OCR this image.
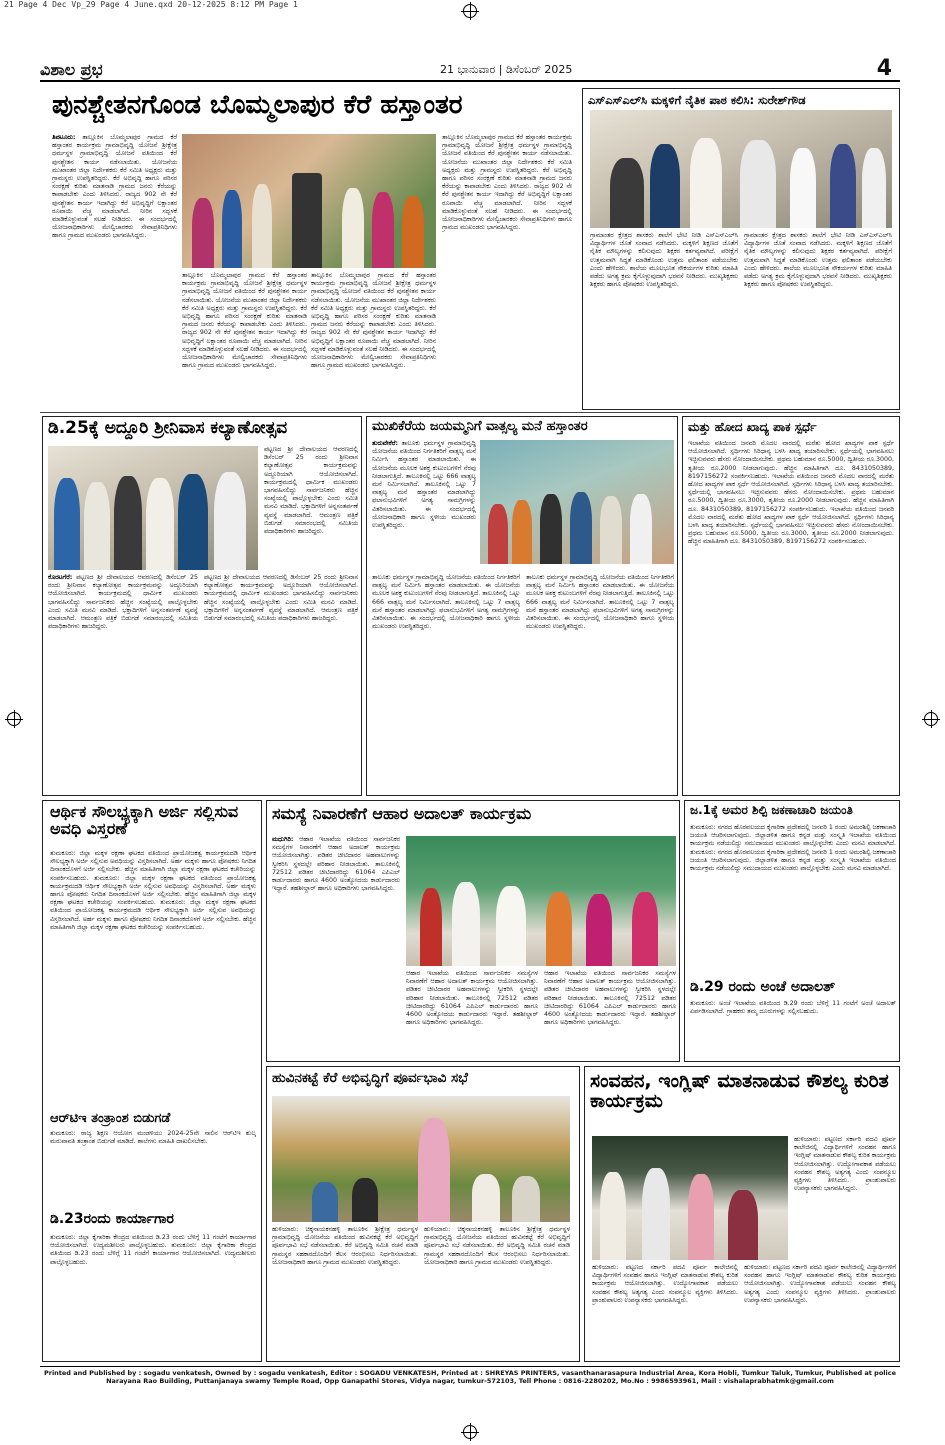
21 Page 4 Dec Vp_29 Page 4 June.qxd 20-12-2025 8:12 PM Page 1
ವಿಶಾಲ ಪ್ರಭ	21 ಭಾನುವಾರ | ಡಿಸೆಂಬರ್ 2025	4
ಪುನಶ್ಚೇತನಗೊಂಡ ಬೊಮ್ಮಲಾಪುರ ಕೆರೆ ಹಸ್ತಾಂತರ
ತಿಪಟೂರು: ತಾಲ್ಲೂಕಿನ ಬೊಮ್ಮಲಾಪುರ ಗ್ರಾಮದ ಕೆರೆ ಹಸ್ತಾಂತರ ಕಾರ್ಯಕ್ರಮ ಗ್ರಾಮಾಭಿವೃದ್ಧಿ ಯೋಜನೆ ಶ್ರೀಕ್ಷೇತ್ರ ಧರ್ಮಸ್ಥಳ ಗ್ರಾಮಾಭಿವೃದ್ಧಿ ಯೋಜನೆ ವತಿಯಿಂದ ಕೆರೆ ಪುನಶ್ಚೇತನ ಕಾರ್ಯ ನಡೆಸಲಾಯಿತು. ಯೋಜನೆಯ ಮುಖಾಂತರ ಜಿಲ್ಲಾ ನಿರ್ದೇಶಕರು ಕೆರೆ ಸಮಿತಿ ಅಧ್ಯಕ್ಷರು ಮತ್ತು ಗ್ರಾಮಸ್ಥರು ಉಪಸ್ಥಿತರಿದ್ದರು. ಕೆರೆ ಅಭಿವೃದ್ಧಿ ಹಾಗೂ ಪರಿಸರ ಸಂರಕ್ಷಣೆ ಕುರಿತು ಮಾತನಾಡಿ ಗ್ರಾಮದ ಜನರು ಕೆರೆಯನ್ನು ಕಾಪಾಡಬೇಕು ಎಂದು ತಿಳಿಸಿದರು. ರಾಜ್ಯದ 902 ನೇ ಕೆರೆ ಪುನಶ್ಚೇತನ ಕಾರ್ಯ ಇದಾಗಿದ್ದು ಕೆರೆ ಅಭಿವೃದ್ಧಿಗೆ ಲಕ್ಷಾಂತರ ರೂಪಾಯಿ ವೆಚ್ಚ ಮಾಡಲಾಗಿದೆ. ನೀರಿನ ಸದ್ಬಳಕೆ ಮಾಡಿಕೊಳ್ಳುವಂತೆ ಸಲಹೆ ನೀಡಿದರು. ಈ ಸಂದರ್ಭದಲ್ಲಿ ಯೋಜನಾಧಿಕಾರಿಗಳು ಮೇಲ್ವಿಚಾರಕರು ಸೇವಾಪ್ರತಿನಿಧಿಗಳು ಹಾಗೂ ಗ್ರಾಮದ ಮುಖಂಡರು ಭಾಗವಹಿಸಿದ್ದರು.
ತಾಲ್ಲೂಕಿನ ಬೊಮ್ಮಲಾಪುರ ಗ್ರಾಮದ ಕೆರೆ ಹಸ್ತಾಂತರ ಕಾರ್ಯಕ್ರಮ ಗ್ರಾಮಾಭಿವೃದ್ಧಿ ಯೋಜನೆ ಶ್ರೀಕ್ಷೇತ್ರ ಧರ್ಮಸ್ಥಳ ಗ್ರಾಮಾಭಿವೃದ್ಧಿ ಯೋಜನೆ ವತಿಯಿಂದ ಕೆರೆ ಪುನಶ್ಚೇತನ ಕಾರ್ಯ ನಡೆಸಲಾಯಿತು. ಯೋಜನೆಯ ಮುಖಾಂತರ ಜಿಲ್ಲಾ ನಿರ್ದೇಶಕರು ಕೆರೆ ಸಮಿತಿ ಅಧ್ಯಕ್ಷರು ಮತ್ತು ಗ್ರಾಮಸ್ಥರು ಉಪಸ್ಥಿತರಿದ್ದರು. ಕೆರೆ ಅಭಿವೃದ್ಧಿ ಹಾಗೂ ಪರಿಸರ ಸಂರಕ್ಷಣೆ ಕುರಿತು ಮಾತನಾಡಿ ಗ್ರಾಮದ ಜನರು ಕೆರೆಯನ್ನು ಕಾಪಾಡಬೇಕು ಎಂದು ತಿಳಿಸಿದರು. ರಾಜ್ಯದ 902 ನೇ ಕೆರೆ ಪುನಶ್ಚೇತನ ಕಾರ್ಯ ಇದಾಗಿದ್ದು ಕೆರೆ ಅಭಿವೃದ್ಧಿಗೆ ಲಕ್ಷಾಂತರ ರೂಪಾಯಿ ವೆಚ್ಚ ಮಾಡಲಾಗಿದೆ. ನೀರಿನ ಸದ್ಬಳಕೆ ಮಾಡಿಕೊಳ್ಳುವಂತೆ ಸಲಹೆ ನೀಡಿದರು. ಈ ಸಂದರ್ಭದಲ್ಲಿ ಯೋಜನಾಧಿಕಾರಿಗಳು ಮೇಲ್ವಿಚಾರಕರು ಸೇವಾಪ್ರತಿನಿಧಿಗಳು ಹಾಗೂ ಗ್ರಾಮದ ಮುಖಂಡರು ಭಾಗವಹಿಸಿದ್ದರು.
ತಾಲ್ಲೂಕಿನ ಬೊಮ್ಮಲಾಪುರ ಗ್ರಾಮದ ಕೆರೆ ಹಸ್ತಾಂತರ ಕಾರ್ಯಕ್ರಮ ಗ್ರಾಮಾಭಿವೃದ್ಧಿ ಯೋಜನೆ ಶ್ರೀಕ್ಷೇತ್ರ ಧರ್ಮಸ್ಥಳ ಗ್ರಾಮಾಭಿವೃದ್ಧಿ ಯೋಜನೆ ವತಿಯಿಂದ ಕೆರೆ ಪುನಶ್ಚೇತನ ಕಾರ್ಯ ನಡೆಸಲಾಯಿತು. ಯೋಜನೆಯ ಮುಖಾಂತರ ಜಿಲ್ಲಾ ನಿರ್ದೇಶಕರು ಕೆರೆ ಸಮಿತಿ ಅಧ್ಯಕ್ಷರು ಮತ್ತು ಗ್ರಾಮಸ್ಥರು ಉಪಸ್ಥಿತರಿದ್ದರು. ಕೆರೆ ಅಭಿವೃದ್ಧಿ ಹಾಗೂ ಪರಿಸರ ಸಂರಕ್ಷಣೆ ಕುರಿತು ಮಾತನಾಡಿ ಗ್ರಾಮದ ಜನರು ಕೆರೆಯನ್ನು ಕಾಪಾಡಬೇಕು ಎಂದು ತಿಳಿಸಿದರು. ರಾಜ್ಯದ 902 ನೇ ಕೆರೆ ಪುನಶ್ಚೇತನ ಕಾರ್ಯ ಇದಾಗಿದ್ದು ಕೆರೆ ಅಭಿವೃದ್ಧಿಗೆ ಲಕ್ಷಾಂತರ ರೂಪಾಯಿ ವೆಚ್ಚ ಮಾಡಲಾಗಿದೆ. ನೀರಿನ ಸದ್ಬಳಕೆ ಮಾಡಿಕೊಳ್ಳುವಂತೆ ಸಲಹೆ ನೀಡಿದರು. ಈ ಸಂದರ್ಭದಲ್ಲಿ ಯೋಜನಾಧಿಕಾರಿಗಳು ಮೇಲ್ವಿಚಾರಕರು ಸೇವಾಪ್ರತಿನಿಧಿಗಳು ಹಾಗೂ ಗ್ರಾಮದ ಮುಖಂಡರು ಭಾಗವಹಿಸಿದ್ದರು.
ತಾಲ್ಲೂಕಿನ ಬೊಮ್ಮಲಾಪುರ ಗ್ರಾಮದ ಕೆರೆ ಹಸ್ತಾಂತರ ಕಾರ್ಯಕ್ರಮ ಗ್ರಾಮಾಭಿವೃದ್ಧಿ ಯೋಜನೆ ಶ್ರೀಕ್ಷೇತ್ರ ಧರ್ಮಸ್ಥಳ ಗ್ರಾಮಾಭಿವೃದ್ಧಿ ಯೋಜನೆ ವತಿಯಿಂದ ಕೆರೆ ಪುನಶ್ಚೇತನ ಕಾರ್ಯ ನಡೆಸಲಾಯಿತು. ಯೋಜನೆಯ ಮುಖಾಂತರ ಜಿಲ್ಲಾ ನಿರ್ದೇಶಕರು ಕೆರೆ ಸಮಿತಿ ಅಧ್ಯಕ್ಷರು ಮತ್ತು ಗ್ರಾಮಸ್ಥರು ಉಪಸ್ಥಿತರಿದ್ದರು. ಕೆರೆ ಅಭಿವೃದ್ಧಿ ಹಾಗೂ ಪರಿಸರ ಸಂರಕ್ಷಣೆ ಕುರಿತು ಮಾತನಾಡಿ ಗ್ರಾಮದ ಜನರು ಕೆರೆಯನ್ನು ಕಾಪಾಡಬೇಕು ಎಂದು ತಿಳಿಸಿದರು. ರಾಜ್ಯದ 902 ನೇ ಕೆರೆ ಪುನಶ್ಚೇತನ ಕಾರ್ಯ ಇದಾಗಿದ್ದು ಕೆರೆ ಅಭಿವೃದ್ಧಿಗೆ ಲಕ್ಷಾಂತರ ರೂಪಾಯಿ ವೆಚ್ಚ ಮಾಡಲಾಗಿದೆ. ನೀರಿನ ಸದ್ಬಳಕೆ ಮಾಡಿಕೊಳ್ಳುವಂತೆ ಸಲಹೆ ನೀಡಿದರು. ಈ ಸಂದರ್ಭದಲ್ಲಿ ಯೋಜನಾಧಿಕಾರಿಗಳು ಮೇಲ್ವಿಚಾರಕರು ಸೇವಾಪ್ರತಿನಿಧಿಗಳು ಹಾಗೂ ಗ್ರಾಮದ ಮುಖಂಡರು ಭಾಗವಹಿಸಿದ್ದರು.
ಎಸ್‌ಎಸ್‌ಎಲ್‌ಸಿ ಮಕ್ಕಳಿಗೆ ನೈತಿಕ ಪಾಠ ಕಲಿಸಿ: ಸುರೇಶ್‌ಗೌಡ
ಗ್ರಾಮಾಂತರ ಕ್ಷೇತ್ರದ ಶಾಸಕರು ಶಾಲೆಗೆ ಭೇಟಿ ನೀಡಿ ಎಸ್‌ಎಸ್‌ಎಲ್‌ಸಿ ವಿದ್ಯಾರ್ಥಿಗಳ ಜೊತೆ ಸಂವಾದ ನಡೆಸಿದರು. ಮಕ್ಕಳಿಗೆ ಶಿಕ್ಷಣದ ಜೊತೆಗೆ ನೈತಿಕ ಮೌಲ್ಯಗಳನ್ನು ಕಲಿಸುವುದು ಶಿಕ್ಷಕರ ಕರ್ತವ್ಯವಾಗಿದೆ. ಪರೀಕ್ಷೆಗೆ ಉತ್ತಮವಾಗಿ ಸಿದ್ಧತೆ ಮಾಡಿಕೊಂಡು ಉತ್ತಮ ಫಲಿತಾಂಶ ಪಡೆಯಬೇಕು ಎಂದು ಹೇಳಿದರು. ಶಾಲೆಯ ಮೂಲಭೂತ ಸೌಕರ್ಯಗಳ ಕುರಿತು ಮಾಹಿತಿ ಪಡೆದು ಅಗತ್ಯ ಕ್ರಮ ಕೈಗೊಳ್ಳುವುದಾಗಿ ಭರವಸೆ ನೀಡಿದರು. ಮುಖ್ಯಶಿಕ್ಷಕರು ಶಿಕ್ಷಕರು ಹಾಗೂ ಪೋಷಕರು ಉಪಸ್ಥಿತರಿದ್ದರು.
ಗ್ರಾಮಾಂತರ ಕ್ಷೇತ್ರದ ಶಾಸಕರು ಶಾಲೆಗೆ ಭೇಟಿ ನೀಡಿ ಎಸ್‌ಎಸ್‌ಎಲ್‌ಸಿ ವಿದ್ಯಾರ್ಥಿಗಳ ಜೊತೆ ಸಂವಾದ ನಡೆಸಿದರು. ಮಕ್ಕಳಿಗೆ ಶಿಕ್ಷಣದ ಜೊತೆಗೆ ನೈತಿಕ ಮೌಲ್ಯಗಳನ್ನು ಕಲಿಸುವುದು ಶಿಕ್ಷಕರ ಕರ್ತವ್ಯವಾಗಿದೆ. ಪರೀಕ್ಷೆಗೆ ಉತ್ತಮವಾಗಿ ಸಿದ್ಧತೆ ಮಾಡಿಕೊಂಡು ಉತ್ತಮ ಫಲಿತಾಂಶ ಪಡೆಯಬೇಕು ಎಂದು ಹೇಳಿದರು. ಶಾಲೆಯ ಮೂಲಭೂತ ಸೌಕರ್ಯಗಳ ಕುರಿತು ಮಾಹಿತಿ ಪಡೆದು ಅಗತ್ಯ ಕ್ರಮ ಕೈಗೊಳ್ಳುವುದಾಗಿ ಭರವಸೆ ನೀಡಿದರು. ಮುಖ್ಯಶಿಕ್ಷಕರು ಶಿಕ್ಷಕರು ಹಾಗೂ ಪೋಷಕರು ಉಪಸ್ಥಿತರಿದ್ದರು.
ಡಿ.25ಕ್ಕೆ ಅದ್ದೂರಿ ಶ್ರೀನಿವಾಸ ಕಲ್ಯಾಣೋತ್ಸವ
ಪಟ್ಟಣದ ಶ್ರೀ ದೇವಾಲಯದ ಆವರಣದಲ್ಲಿ ಡಿಸೆಂಬರ್ 25 ರಂದು ಶ್ರೀನಿವಾಸ ಕಲ್ಯಾಣೋತ್ಸವ ಕಾರ್ಯಕ್ರಮವನ್ನು ಅದ್ದೂರಿಯಾಗಿ ಆಯೋಜಿಸಲಾಗಿದೆ. ಕಾರ್ಯಕ್ರಮದಲ್ಲಿ ಧಾರ್ಮಿಕ ಮುಖಂಡರು ಭಾಗವಹಿಸಲಿದ್ದು ಸಾರ್ವಜನಿಕರು ಹೆಚ್ಚಿನ ಸಂಖ್ಯೆಯಲ್ಲಿ ಪಾಲ್ಗೊಳ್ಳಬೇಕು ಎಂದು ಸಮಿತಿ ಮನವಿ ಮಾಡಿದೆ. ಭಕ್ತಾದಿಗಳಿಗೆ ಅನ್ನಸಂತರ್ಪಣೆ ವ್ಯವಸ್ಥೆ ಮಾಡಲಾಗಿದೆ. ಆಮಂತ್ರಣ ಪತ್ರಿಕೆ ಬಿಡುಗಡೆ ಸಮಾರಂಭದಲ್ಲಿ ಸಮಿತಿಯ ಪದಾಧಿಕಾರಿಗಳು ಹಾಜರಿದ್ದರು.
ಕೊರಟಗೆರೆ: ಪಟ್ಟಣದ ಶ್ರೀ ದೇವಾಲಯದ ಆವರಣದಲ್ಲಿ ಡಿಸೆಂಬರ್ 25 ರಂದು ಶ್ರೀನಿವಾಸ ಕಲ್ಯಾಣೋತ್ಸವ ಕಾರ್ಯಕ್ರಮವನ್ನು ಅದ್ದೂರಿಯಾಗಿ ಆಯೋಜಿಸಲಾಗಿದೆ. ಕಾರ್ಯಕ್ರಮದಲ್ಲಿ ಧಾರ್ಮಿಕ ಮುಖಂಡರು ಭಾಗವಹಿಸಲಿದ್ದು ಸಾರ್ವಜನಿಕರು ಹೆಚ್ಚಿನ ಸಂಖ್ಯೆಯಲ್ಲಿ ಪಾಲ್ಗೊಳ್ಳಬೇಕು ಎಂದು ಸಮಿತಿ ಮನವಿ ಮಾಡಿದೆ. ಭಕ್ತಾದಿಗಳಿಗೆ ಅನ್ನಸಂತರ್ಪಣೆ ವ್ಯವಸ್ಥೆ ಮಾಡಲಾಗಿದೆ. ಆಮಂತ್ರಣ ಪತ್ರಿಕೆ ಬಿಡುಗಡೆ ಸಮಾರಂಭದಲ್ಲಿ ಸಮಿತಿಯ ಪದಾಧಿಕಾರಿಗಳು ಹಾಜರಿದ್ದರು.
ಪಟ್ಟಣದ ಶ್ರೀ ದೇವಾಲಯದ ಆವರಣದಲ್ಲಿ ಡಿಸೆಂಬರ್ 25 ರಂದು ಶ್ರೀನಿವಾಸ ಕಲ್ಯಾಣೋತ್ಸವ ಕಾರ್ಯಕ್ರಮವನ್ನು ಅದ್ದೂರಿಯಾಗಿ ಆಯೋಜಿಸಲಾಗಿದೆ. ಕಾರ್ಯಕ್ರಮದಲ್ಲಿ ಧಾರ್ಮಿಕ ಮುಖಂಡರು ಭಾಗವಹಿಸಲಿದ್ದು ಸಾರ್ವಜನಿಕರು ಹೆಚ್ಚಿನ ಸಂಖ್ಯೆಯಲ್ಲಿ ಪಾಲ್ಗೊಳ್ಳಬೇಕು ಎಂದು ಸಮಿತಿ ಮನವಿ ಮಾಡಿದೆ. ಭಕ್ತಾದಿಗಳಿಗೆ ಅನ್ನಸಂತರ್ಪಣೆ ವ್ಯವಸ್ಥೆ ಮಾಡಲಾಗಿದೆ. ಆಮಂತ್ರಣ ಪತ್ರಿಕೆ ಬಿಡುಗಡೆ ಸಮಾರಂಭದಲ್ಲಿ ಸಮಿತಿಯ ಪದಾಧಿಕಾರಿಗಳು ಹಾಜರಿದ್ದರು.
ಮುಖಿಕೆರೆಯ ಜಯಮ್ಮನಿಗೆ ವಾತ್ಸಲ್ಯ ಮನೆ ಹಸ್ತಾಂತರ
ತುರುವೇಕೆರೆ: ತಾಲೂಕು ಧರ್ಮಸ್ಥಳ ಗ್ರಾಮಾಭಿವೃದ್ಧಿ ಯೋಜನೆಯ ವತಿಯಿಂದ ನಿರ್ಗತಿಕರಿಗೆ ವಾತ್ಸಲ್ಯ ಮನೆ ನಿರ್ಮಿಸಿ ಹಸ್ತಾಂತರ ಮಾಡಲಾಯಿತು. ಈ ಯೋಜನೆಯ ಮೂಲಕ ಅಶಕ್ತ ಕುಟುಂಬಗಳಿಗೆ ನೆರವು ನೀಡಲಾಗುತ್ತಿದೆ. ತಾಲೂಕಿನಲ್ಲಿ ಒಟ್ಟು 666 ವಾತ್ಸಲ್ಯ ಮನೆ ನಿರ್ಮಿಸಲಾಗಿದೆ. ತಾಲೂಕಿನಲ್ಲಿ ಒಟ್ಟು 7 ವಾತ್ಸಲ್ಯ ಮನೆ ಹಸ್ತಾಂತರ ಮಾಡಲಾಗಿದ್ದು ಫಲಾನುಭವಿಗಳಿಗೆ ಅಗತ್ಯ ಸಾಮಗ್ರಿಗಳನ್ನು ವಿತರಿಸಲಾಯಿತು. ಈ ಸಂದರ್ಭದಲ್ಲಿ ಯೋಜನಾಧಿಕಾರಿ ಹಾಗೂ ಸ್ಥಳೀಯ ಮುಖಂಡರು ಉಪಸ್ಥಿತರಿದ್ದರು.
ತಾಲೂಕು ಧರ್ಮಸ್ಥಳ ಗ್ರಾಮಾಭಿವೃದ್ಧಿ ಯೋಜನೆಯ ವತಿಯಿಂದ ನಿರ್ಗತಿಕರಿಗೆ ವಾತ್ಸಲ್ಯ ಮನೆ ನಿರ್ಮಿಸಿ ಹಸ್ತಾಂತರ ಮಾಡಲಾಯಿತು. ಈ ಯೋಜನೆಯ ಮೂಲಕ ಅಶಕ್ತ ಕುಟುಂಬಗಳಿಗೆ ನೆರವು ನೀಡಲಾಗುತ್ತಿದೆ. ತಾಲೂಕಿನಲ್ಲಿ ಒಟ್ಟು 666 ವಾತ್ಸಲ್ಯ ಮನೆ ನಿರ್ಮಿಸಲಾಗಿದೆ. ತಾಲೂಕಿನಲ್ಲಿ ಒಟ್ಟು 7 ವಾತ್ಸಲ್ಯ ಮನೆ ಹಸ್ತಾಂತರ ಮಾಡಲಾಗಿದ್ದು ಫಲಾನುಭವಿಗಳಿಗೆ ಅಗತ್ಯ ಸಾಮಗ್ರಿಗಳನ್ನು ವಿತರಿಸಲಾಯಿತು. ಈ ಸಂದರ್ಭದಲ್ಲಿ ಯೋಜನಾಧಿಕಾರಿ ಹಾಗೂ ಸ್ಥಳೀಯ ಮುಖಂಡರು ಉಪಸ್ಥಿತರಿದ್ದರು.
ತಾಲೂಕು ಧರ್ಮಸ್ಥಳ ಗ್ರಾಮಾಭಿವೃದ್ಧಿ ಯೋಜನೆಯ ವತಿಯಿಂದ ನಿರ್ಗತಿಕರಿಗೆ ವಾತ್ಸಲ್ಯ ಮನೆ ನಿರ್ಮಿಸಿ ಹಸ್ತಾಂತರ ಮಾಡಲಾಯಿತು. ಈ ಯೋಜನೆಯ ಮೂಲಕ ಅಶಕ್ತ ಕುಟುಂಬಗಳಿಗೆ ನೆರವು ನೀಡಲಾಗುತ್ತಿದೆ. ತಾಲೂಕಿನಲ್ಲಿ ಒಟ್ಟು 666 ವಾತ್ಸಲ್ಯ ಮನೆ ನಿರ್ಮಿಸಲಾಗಿದೆ. ತಾಲೂಕಿನಲ್ಲಿ ಒಟ್ಟು 7 ವಾತ್ಸಲ್ಯ ಮನೆ ಹಸ್ತಾಂತರ ಮಾಡಲಾಗಿದ್ದು ಫಲಾನುಭವಿಗಳಿಗೆ ಅಗತ್ಯ ಸಾಮಗ್ರಿಗಳನ್ನು ವಿತರಿಸಲಾಯಿತು. ಈ ಸಂದರ್ಭದಲ್ಲಿ ಯೋಜನಾಧಿಕಾರಿ ಹಾಗೂ ಸ್ಥಳೀಯ ಮುಖಂಡರು ಉಪಸ್ಥಿತರಿದ್ದರು.
ಮತ್ತು ಹೋದ ಖಾದ್ಯ ಪಾಕ ಸ್ಪರ್ಧೆ
ಇಲಾಖೆಯ ವತಿಯಿಂದ ಜನವರಿ ಮೊದಲ ವಾರದಲ್ಲಿ ಮರೆತು ಹೋದ ಖಾದ್ಯಗಳ ಪಾಕ ಸ್ಪರ್ಧೆ ಆಯೋಜಿಸಲಾಗಿದೆ. ಸ್ಪರ್ಧಿಗಳು ಸಿರಿಧಾನ್ಯ ಬಳಸಿ ಖಾದ್ಯ ತಯಾರಿಸಬೇಕು. ಸ್ಪರ್ಧೆಯಲ್ಲಿ ಭಾಗವಹಿಸಲು ಇಚ್ಛಿಸುವವರು ಹೆಸರು ನೋಂದಾಯಿಸಬೇಕು. ಪ್ರಥಮ ಬಹುಮಾನ ರೂ.5000, ದ್ವಿತೀಯ ರೂ.3000, ತೃತೀಯ ರೂ.2000 ನೀಡಲಾಗುವುದು. ಹೆಚ್ಚಿನ ಮಾಹಿತಿಗಾಗಿ ದೂ. 8431050389, 8197156272 ಸಂಪರ್ಕಿಸಬಹುದು. ಇಲಾಖೆಯ ವತಿಯಿಂದ ಜನವರಿ ಮೊದಲ ವಾರದಲ್ಲಿ ಮರೆತು ಹೋದ ಖಾದ್ಯಗಳ ಪಾಕ ಸ್ಪರ್ಧೆ ಆಯೋಜಿಸಲಾಗಿದೆ. ಸ್ಪರ್ಧಿಗಳು ಸಿರಿಧಾನ್ಯ ಬಳಸಿ ಖಾದ್ಯ ತಯಾರಿಸಬೇಕು. ಸ್ಪರ್ಧೆಯಲ್ಲಿ ಭಾಗವಹಿಸಲು ಇಚ್ಛಿಸುವವರು ಹೆಸರು ನೋಂದಾಯಿಸಬೇಕು. ಪ್ರಥಮ ಬಹುಮಾನ ರೂ.5000, ದ್ವಿತೀಯ ರೂ.3000, ತೃತೀಯ ರೂ.2000 ನೀಡಲಾಗುವುದು. ಹೆಚ್ಚಿನ ಮಾಹಿತಿಗಾಗಿ ದೂ. 8431050389, 8197156272 ಸಂಪರ್ಕಿಸಬಹುದು. ಇಲಾಖೆಯ ವತಿಯಿಂದ ಜನವರಿ ಮೊದಲ ವಾರದಲ್ಲಿ ಮರೆತು ಹೋದ ಖಾದ್ಯಗಳ ಪಾಕ ಸ್ಪರ್ಧೆ ಆಯೋಜಿಸಲಾಗಿದೆ. ಸ್ಪರ್ಧಿಗಳು ಸಿರಿಧಾನ್ಯ ಬಳಸಿ ಖಾದ್ಯ ತಯಾರಿಸಬೇಕು. ಸ್ಪರ್ಧೆಯಲ್ಲಿ ಭಾಗವಹಿಸಲು ಇಚ್ಛಿಸುವವರು ಹೆಸರು ನೋಂದಾಯಿಸಬೇಕು. ಪ್ರಥಮ ಬಹುಮಾನ ರೂ.5000, ದ್ವಿತೀಯ ರೂ.3000, ತೃತೀಯ ರೂ.2000 ನೀಡಲಾಗುವುದು. ಹೆಚ್ಚಿನ ಮಾಹಿತಿಗಾಗಿ ದೂ. 8431050389, 8197156272 ಸಂಪರ್ಕಿಸಬಹುದು.
ಆರ್ಥಿಕ ಸೌಲಭ್ಯಕ್ಕಾಗಿ ಅರ್ಜಿ ಸಲ್ಲಿಸುವ ಅವಧಿ ವಿಸ್ತರಣೆ
ತುಮಕೂರು: ಜಿಲ್ಲಾ ಮಕ್ಕಳ ರಕ್ಷಣಾ ಘಟಕದ ವತಿಯಿಂದ ಪ್ರಾಯೋಜಕತ್ವ ಕಾರ್ಯಕ್ರಮದಡಿ ಆರ್ಥಿಕ ಸೌಲಭ್ಯಕ್ಕಾಗಿ ಅರ್ಜಿ ಸಲ್ಲಿಸುವ ಅವಧಿಯನ್ನು ವಿಸ್ತರಿಸಲಾಗಿದೆ. ಅರ್ಹ ಮಕ್ಕಳು ಹಾಗೂ ಪೋಷಕರು ನಿಗದಿತ ದಿನಾಂಕದೊಳಗೆ ಅರ್ಜಿ ಸಲ್ಲಿಸಬೇಕು. ಹೆಚ್ಚಿನ ಮಾಹಿತಿಗಾಗಿ ಜಿಲ್ಲಾ ಮಕ್ಕಳ ರಕ್ಷಣಾ ಘಟಕದ ಕಚೇರಿಯನ್ನು ಸಂಪರ್ಕಿಸಬಹುದು. ತುಮಕೂರು: ಜಿಲ್ಲಾ ಮಕ್ಕಳ ರಕ್ಷಣಾ ಘಟಕದ ವತಿಯಿಂದ ಪ್ರಾಯೋಜಕತ್ವ ಕಾರ್ಯಕ್ರಮದಡಿ ಆರ್ಥಿಕ ಸೌಲಭ್ಯಕ್ಕಾಗಿ ಅರ್ಜಿ ಸಲ್ಲಿಸುವ ಅವಧಿಯನ್ನು ವಿಸ್ತರಿಸಲಾಗಿದೆ. ಅರ್ಹ ಮಕ್ಕಳು ಹಾಗೂ ಪೋಷಕರು ನಿಗದಿತ ದಿನಾಂಕದೊಳಗೆ ಅರ್ಜಿ ಸಲ್ಲಿಸಬೇಕು. ಹೆಚ್ಚಿನ ಮಾಹಿತಿಗಾಗಿ ಜಿಲ್ಲಾ ಮಕ್ಕಳ ರಕ್ಷಣಾ ಘಟಕದ ಕಚೇರಿಯನ್ನು ಸಂಪರ್ಕಿಸಬಹುದು. ತುಮಕೂರು: ಜಿಲ್ಲಾ ಮಕ್ಕಳ ರಕ್ಷಣಾ ಘಟಕದ ವತಿಯಿಂದ ಪ್ರಾಯೋಜಕತ್ವ ಕಾರ್ಯಕ್ರಮದಡಿ ಆರ್ಥಿಕ ಸೌಲಭ್ಯಕ್ಕಾಗಿ ಅರ್ಜಿ ಸಲ್ಲಿಸುವ ಅವಧಿಯನ್ನು ವಿಸ್ತರಿಸಲಾಗಿದೆ. ಅರ್ಹ ಮಕ್ಕಳು ಹಾಗೂ ಪೋಷಕರು ನಿಗದಿತ ದಿನಾಂಕದೊಳಗೆ ಅರ್ಜಿ ಸಲ್ಲಿಸಬೇಕು. ಹೆಚ್ಚಿನ ಮಾಹಿತಿಗಾಗಿ ಜಿಲ್ಲಾ ಮಕ್ಕಳ ರಕ್ಷಣಾ ಘಟಕದ ಕಚೇರಿಯನ್ನು ಸಂಪರ್ಕಿಸಬಹುದು.
ಆರ್‌ಟಿಇ ತಂತ್ರಾಂಶ ಬಿಡುಗಡೆ
ತುಮಕೂರು: ರಾಜ್ಯ ಶಿಕ್ಷಣ ಆಯೋಗ ಮಂಡಳಿಯು 2024-25ನೇ ಸಾಲಿನ ಆರ್‌ಟಿಇ ಶುಲ್ಕ ಮರುಪಾವತಿ ತಂತ್ರಾಂಶ ಬಿಡುಗಡೆ ಮಾಡಿದೆ. ಶಾಲೆಗಳು ಮಾಹಿತಿ ದಾಖಲಿಸಬೇಕು.
ಡಿ.23ರಂದು ಕಾರ್ಯಾಗಾರ
ತುಮಕೂರು: ಜಿಲ್ಲಾ ಕೈಗಾರಿಕಾ ಕೇಂದ್ರದ ವತಿಯಿಂದ ಡಿ.23 ರಂದು ಬೆಳಿಗ್ಗೆ 11 ಗಂಟೆಗೆ ಕಾರ್ಯಾಗಾರ ಆಯೋಜಿಸಲಾಗಿದೆ. ಉದ್ಯಮಶೀಲರು ಪಾಲ್ಗೊಳ್ಳಬಹುದು. ತುಮಕೂರು: ಜಿಲ್ಲಾ ಕೈಗಾರಿಕಾ ಕೇಂದ್ರದ ವತಿಯಿಂದ ಡಿ.23 ರಂದು ಬೆಳಿಗ್ಗೆ 11 ಗಂಟೆಗೆ ಕಾರ್ಯಾಗಾರ ಆಯೋಜಿಸಲಾಗಿದೆ. ಉದ್ಯಮಶೀಲರು ಪಾಲ್ಗೊಳ್ಳಬಹುದು.
ಸಮಸ್ಯೆ ನಿವಾರಣೆಗೆ ಆಹಾರ ಅದಾಲತ್ ಕಾರ್ಯಕ್ರಮ
ಮಧುಗಿರಿ: ಆಹಾರ ಇಲಾಖೆಯ ವತಿಯಿಂದ ಸಾರ್ವಜನಿಕರ ಸಮಸ್ಯೆಗಳ ನಿವಾರಣೆಗೆ ಆಹಾರ ಅದಾಲತ್ ಕಾರ್ಯಕ್ರಮ ಆಯೋಜಿಸಲಾಗಿತ್ತು. ಪಡಿತರ ಚೀಟಿದಾರರ ಅಹವಾಲುಗಳನ್ನು ಸ್ವೀಕರಿಸಿ ಸ್ಥಳದಲ್ಲೇ ಪರಿಹಾರ ನೀಡಲಾಯಿತು. ತಾಲೂಕಿನಲ್ಲಿ 72512 ಪಡಿತರ ಚೀಟಿದಾರರಿದ್ದು 61064 ಎಪಿಎಲ್ ಕಾರ್ಡುದಾರರು ಹಾಗೂ 4600 ಅಂತ್ಯೋದಯ ಕಾರ್ಡುದಾರರು ಇದ್ದಾರೆ. ತಹಶೀಲ್ದಾರ್ ಹಾಗೂ ಅಧಿಕಾರಿಗಳು ಭಾಗವಹಿಸಿದ್ದರು.
ಆಹಾರ ಇಲಾಖೆಯ ವತಿಯಿಂದ ಸಾರ್ವಜನಿಕರ ಸಮಸ್ಯೆಗಳ ನಿವಾರಣೆಗೆ ಆಹಾರ ಅದಾಲತ್ ಕಾರ್ಯಕ್ರಮ ಆಯೋಜಿಸಲಾಗಿತ್ತು. ಪಡಿತರ ಚೀಟಿದಾರರ ಅಹವಾಲುಗಳನ್ನು ಸ್ವೀಕರಿಸಿ ಸ್ಥಳದಲ್ಲೇ ಪರಿಹಾರ ನೀಡಲಾಯಿತು. ತಾಲೂಕಿನಲ್ಲಿ 72512 ಪಡಿತರ ಚೀಟಿದಾರರಿದ್ದು 61064 ಎಪಿಎಲ್ ಕಾರ್ಡುದಾರರು ಹಾಗೂ 4600 ಅಂತ್ಯೋದಯ ಕಾರ್ಡುದಾರರು ಇದ್ದಾರೆ. ತಹಶೀಲ್ದಾರ್ ಹಾಗೂ ಅಧಿಕಾರಿಗಳು ಭಾಗವಹಿಸಿದ್ದರು.
ಆಹಾರ ಇಲಾಖೆಯ ವತಿಯಿಂದ ಸಾರ್ವಜನಿಕರ ಸಮಸ್ಯೆಗಳ ನಿವಾರಣೆಗೆ ಆಹಾರ ಅದಾಲತ್ ಕಾರ್ಯಕ್ರಮ ಆಯೋಜಿಸಲಾಗಿತ್ತು. ಪಡಿತರ ಚೀಟಿದಾರರ ಅಹವಾಲುಗಳನ್ನು ಸ್ವೀಕರಿಸಿ ಸ್ಥಳದಲ್ಲೇ ಪರಿಹಾರ ನೀಡಲಾಯಿತು. ತಾಲೂಕಿನಲ್ಲಿ 72512 ಪಡಿತರ ಚೀಟಿದಾರರಿದ್ದು 61064 ಎಪಿಎಲ್ ಕಾರ್ಡುದಾರರು ಹಾಗೂ 4600 ಅಂತ್ಯೋದಯ ಕಾರ್ಡುದಾರರು ಇದ್ದಾರೆ. ತಹಶೀಲ್ದಾರ್ ಹಾಗೂ ಅಧಿಕಾರಿಗಳು ಭಾಗವಹಿಸಿದ್ದರು.
ಜ.1ಕ್ಕೆ ಅಮರ ಶಿಲ್ಪಿ ಜಕಣಾಚಾರಿ ಜಯಂತಿ
ತುಮಕೂರು: ನಗರದ ಹೊರವಲಯದ ಕೈಗಾರಿಕಾ ಪ್ರದೇಶದಲ್ಲಿ ಜನವರಿ 1 ರಂದು ಅಮರಶಿಲ್ಪಿ ಜಕಣಾಚಾರಿ ಜಯಂತಿ ಆಚರಿಸಲಾಗುವುದು. ಜಿಲ್ಲಾಡಳಿತ ಹಾಗೂ ಕನ್ನಡ ಮತ್ತು ಸಂಸ್ಕೃತಿ ಇಲಾಖೆಯ ವತಿಯಿಂದ ಕಾರ್ಯಕ್ರಮ ನಡೆಯಲಿದ್ದು ಸಮುದಾಯದ ಮುಖಂಡರು ಪಾಲ್ಗೊಳ್ಳಬೇಕು ಎಂದು ಮನವಿ ಮಾಡಲಾಗಿದೆ. ತುಮಕೂರು: ನಗರದ ಹೊರವಲಯದ ಕೈಗಾರಿಕಾ ಪ್ರದೇಶದಲ್ಲಿ ಜನವರಿ 1 ರಂದು ಅಮರಶಿಲ್ಪಿ ಜಕಣಾಚಾರಿ ಜಯಂತಿ ಆಚರಿಸಲಾಗುವುದು. ಜಿಲ್ಲಾಡಳಿತ ಹಾಗೂ ಕನ್ನಡ ಮತ್ತು ಸಂಸ್ಕೃತಿ ಇಲಾಖೆಯ ವತಿಯಿಂದ ಕಾರ್ಯಕ್ರಮ ನಡೆಯಲಿದ್ದು ಸಮುದಾಯದ ಮುಖಂಡರು ಪಾಲ್ಗೊಳ್ಳಬೇಕು ಎಂದು ಮನವಿ ಮಾಡಲಾಗಿದೆ.
ಡಿ.29 ರಂದು ಅಂಚೆ ಅದಾಲತ್
ತುಮಕೂರು: ಅಂಚೆ ಇಲಾಖೆಯ ವತಿಯಿಂದ ಡಿ.29 ರಂದು ಬೆಳಿಗ್ಗೆ 11 ಗಂಟೆಗೆ ಅಂಚೆ ಅದಾಲತ್ ಏರ್ಪಡಿಸಲಾಗಿದೆ. ಗ್ರಾಹಕರು ತಮ್ಮ ದೂರುಗಳನ್ನು ಸಲ್ಲಿಸಬಹುದು.
ಹುವಿನಕಟ್ಟೆ ಕೆರೆ ಅಭಿವೃದ್ಧಿಗೆ ಪೂರ್ವಭಾವಿ ಸಭೆ
ಹುಳಿಯಾರು: ಚಿಕ್ಕನಾಯಕನಹಳ್ಳಿ ತಾಲೂಕಿನ ಶ್ರೀಕ್ಷೇತ್ರ ಧರ್ಮಸ್ಥಳ ಗ್ರಾಮಾಭಿವೃದ್ಧಿ ಯೋಜನೆಯ ವತಿಯಿಂದ ಹುವಿನಕಟ್ಟೆ ಕೆರೆ ಅಭಿವೃದ್ಧಿಗೆ ಪೂರ್ವಭಾವಿ ಸಭೆ ನಡೆಸಲಾಯಿತು. ಕೆರೆ ಅಭಿವೃದ್ಧಿ ಸಮಿತಿ ರಚನೆ ಮಾಡಿ ಗ್ರಾಮಸ್ಥರ ಸಹಕಾರದೊಂದಿಗೆ ಕೆಲಸ ಆರಂಭಿಸಲು ನಿರ್ಧರಿಸಲಾಯಿತು. ಯೋಜನಾಧಿಕಾರಿ ಹಾಗೂ ಗ್ರಾಮದ ಮುಖಂಡರು ಉಪಸ್ಥಿತರಿದ್ದರು.
ಹುಳಿಯಾರು: ಚಿಕ್ಕನಾಯಕನಹಳ್ಳಿ ತಾಲೂಕಿನ ಶ್ರೀಕ್ಷೇತ್ರ ಧರ್ಮಸ್ಥಳ ಗ್ರಾಮಾಭಿವೃದ್ಧಿ ಯೋಜನೆಯ ವತಿಯಿಂದ ಹುವಿನಕಟ್ಟೆ ಕೆರೆ ಅಭಿವೃದ್ಧಿಗೆ ಪೂರ್ವಭಾವಿ ಸಭೆ ನಡೆಸಲಾಯಿತು. ಕೆರೆ ಅಭಿವೃದ್ಧಿ ಸಮಿತಿ ರಚನೆ ಮಾಡಿ ಗ್ರಾಮಸ್ಥರ ಸಹಕಾರದೊಂದಿಗೆ ಕೆಲಸ ಆರಂಭಿಸಲು ನಿರ್ಧರಿಸಲಾಯಿತು. ಯೋಜನಾಧಿಕಾರಿ ಹಾಗೂ ಗ್ರಾಮದ ಮುಖಂಡರು ಉಪಸ್ಥಿತರಿದ್ದರು.
ಸಂವಹನ, ಇಂಗ್ಲಿಷ್ ಮಾತನಾಡುವ ಕೌಶಲ್ಯ ಕುರಿತ ಕಾರ್ಯಕ್ರಮ
ಹುಳಿಯಾರು: ಪಟ್ಟಣದ ಸರ್ಕಾರಿ ಪದವಿ ಪೂರ್ವ ಕಾಲೇಜಿನಲ್ಲಿ ವಿದ್ಯಾರ್ಥಿಗಳಿಗೆ ಸಂವಹನ ಹಾಗೂ ಇಂಗ್ಲಿಷ್ ಮಾತನಾಡುವ ಕೌಶಲ್ಯ ಕುರಿತ ಕಾರ್ಯಕ್ರಮ ಆಯೋಜಿಸಲಾಗಿತ್ತು. ಉದ್ಯೋಗಾವಕಾಶ ಪಡೆಯಲು ಸಂವಹನ ಕೌಶಲ್ಯ ಅತ್ಯಗತ್ಯ ಎಂದು ಸಂಪನ್ಮೂಲ ವ್ಯಕ್ತಿಗಳು ತಿಳಿಸಿದರು. ಪ್ರಾಂಶುಪಾಲರು ಉಪನ್ಯಾಸಕರು ಭಾಗವಹಿಸಿದ್ದರು.
ಹುಳಿಯಾರು: ಪಟ್ಟಣದ ಸರ್ಕಾರಿ ಪದವಿ ಪೂರ್ವ ಕಾಲೇಜಿನಲ್ಲಿ ವಿದ್ಯಾರ್ಥಿಗಳಿಗೆ ಸಂವಹನ ಹಾಗೂ ಇಂಗ್ಲಿಷ್ ಮಾತನಾಡುವ ಕೌಶಲ್ಯ ಕುರಿತ ಕಾರ್ಯಕ್ರಮ ಆಯೋಜಿಸಲಾಗಿತ್ತು. ಉದ್ಯೋಗಾವಕಾಶ ಪಡೆಯಲು ಸಂವಹನ ಕೌಶಲ್ಯ ಅತ್ಯಗತ್ಯ ಎಂದು ಸಂಪನ್ಮೂಲ ವ್ಯಕ್ತಿಗಳು ತಿಳಿಸಿದರು. ಪ್ರಾಂಶುಪಾಲರು ಉಪನ್ಯಾಸಕರು ಭಾಗವಹಿಸಿದ್ದರು.
ಹುಳಿಯಾರು: ಪಟ್ಟಣದ ಸರ್ಕಾರಿ ಪದವಿ ಪೂರ್ವ ಕಾಲೇಜಿನಲ್ಲಿ ವಿದ್ಯಾರ್ಥಿಗಳಿಗೆ ಸಂವಹನ ಹಾಗೂ ಇಂಗ್ಲಿಷ್ ಮಾತನಾಡುವ ಕೌಶಲ್ಯ ಕುರಿತ ಕಾರ್ಯಕ್ರಮ ಆಯೋಜಿಸಲಾಗಿತ್ತು. ಉದ್ಯೋಗಾವಕಾಶ ಪಡೆಯಲು ಸಂವಹನ ಕೌಶಲ್ಯ ಅತ್ಯಗತ್ಯ ಎಂದು ಸಂಪನ್ಮೂಲ ವ್ಯಕ್ತಿಗಳು ತಿಳಿಸಿದರು. ಪ್ರಾಂಶುಪಾಲರು ಉಪನ್ಯಾಸಕರು ಭಾಗವಹಿಸಿದ್ದರು.
Printed and Published by : sogadu venkatesh, Owned by : sogadu venkatesh, Editor : SOGADU VENKATESH, Printed at : SHREYAS PRINTERS, vasanthanarasapura Industrial Area, Kora Hobli, Tumkur Taluk, Tumkur, Published at police
Narayana Rao Building, Puttanjanaya swamy Temple Road, Opp Ganapathi Stores, Vidya nagar, tumkur-572103, Tell Phone : 0816-2280202, Mo.No : 9986593961, Mail : vishalaprabhatmk@gmail.com
